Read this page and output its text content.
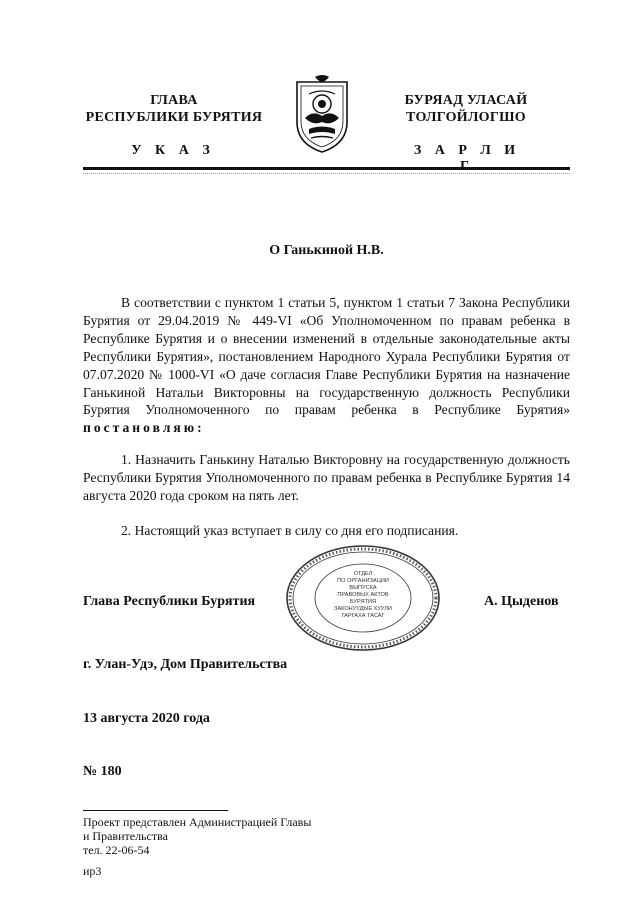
ГЛАВА
РЕСПУБЛИКИ БУРЯТИЯ
БУРЯАД УЛАСАЙ
ТОЛГОЙЛОГШО
У К А З	З А Р Л И
О Ганькиной Н.В.

В соответствии с пунктом 1 статьи 5, пунктом 1 статьи 7 Закона Республики Бурятия от 29.04.2019 № 449-VI «Об Уполномоченном по правам ребенка в Республике Бурятия и о внесении изменений в отдельные законодательные акты Республики Бурятия», постановлением Народного Хурала Республики Бурятия от 07.07.2020 № 1000-VI «О даче согласия Главе Республики Бурятия на назначение Ганькиной Натальи Викторовны на государственную должность Республики Бурятия Уполномоченного по правам ребенка в Республике Бурятия» постановляю:

1. Назначить Ганькину Наталью Викторовну на государственную должность Республики Бурятия Уполномоченного по правам ребенка в Республике Бурятия 14 августа 2020 года сроком на пять лет.

2. Настоящий указ вступает в силу со дня его подписания.

Глава Республики Бурятия
ОТДЕЛ
ПО ОРГАНИЗАЦИИ
ВЫПУСКА
ПРАВОВЫХ АКТОВ
БУРЯТИЯ
ЗАКОНУУДЫЕ ХУУЛИ
ГАРГАХА ТАСАГ
А. Цыденов
г. Улан-Удэ, Дом Правительства
13 августа 2020 года
№ 180
Проект представлен Администрацией Главы
и Правительства
тел. 22-06-54
ир3
